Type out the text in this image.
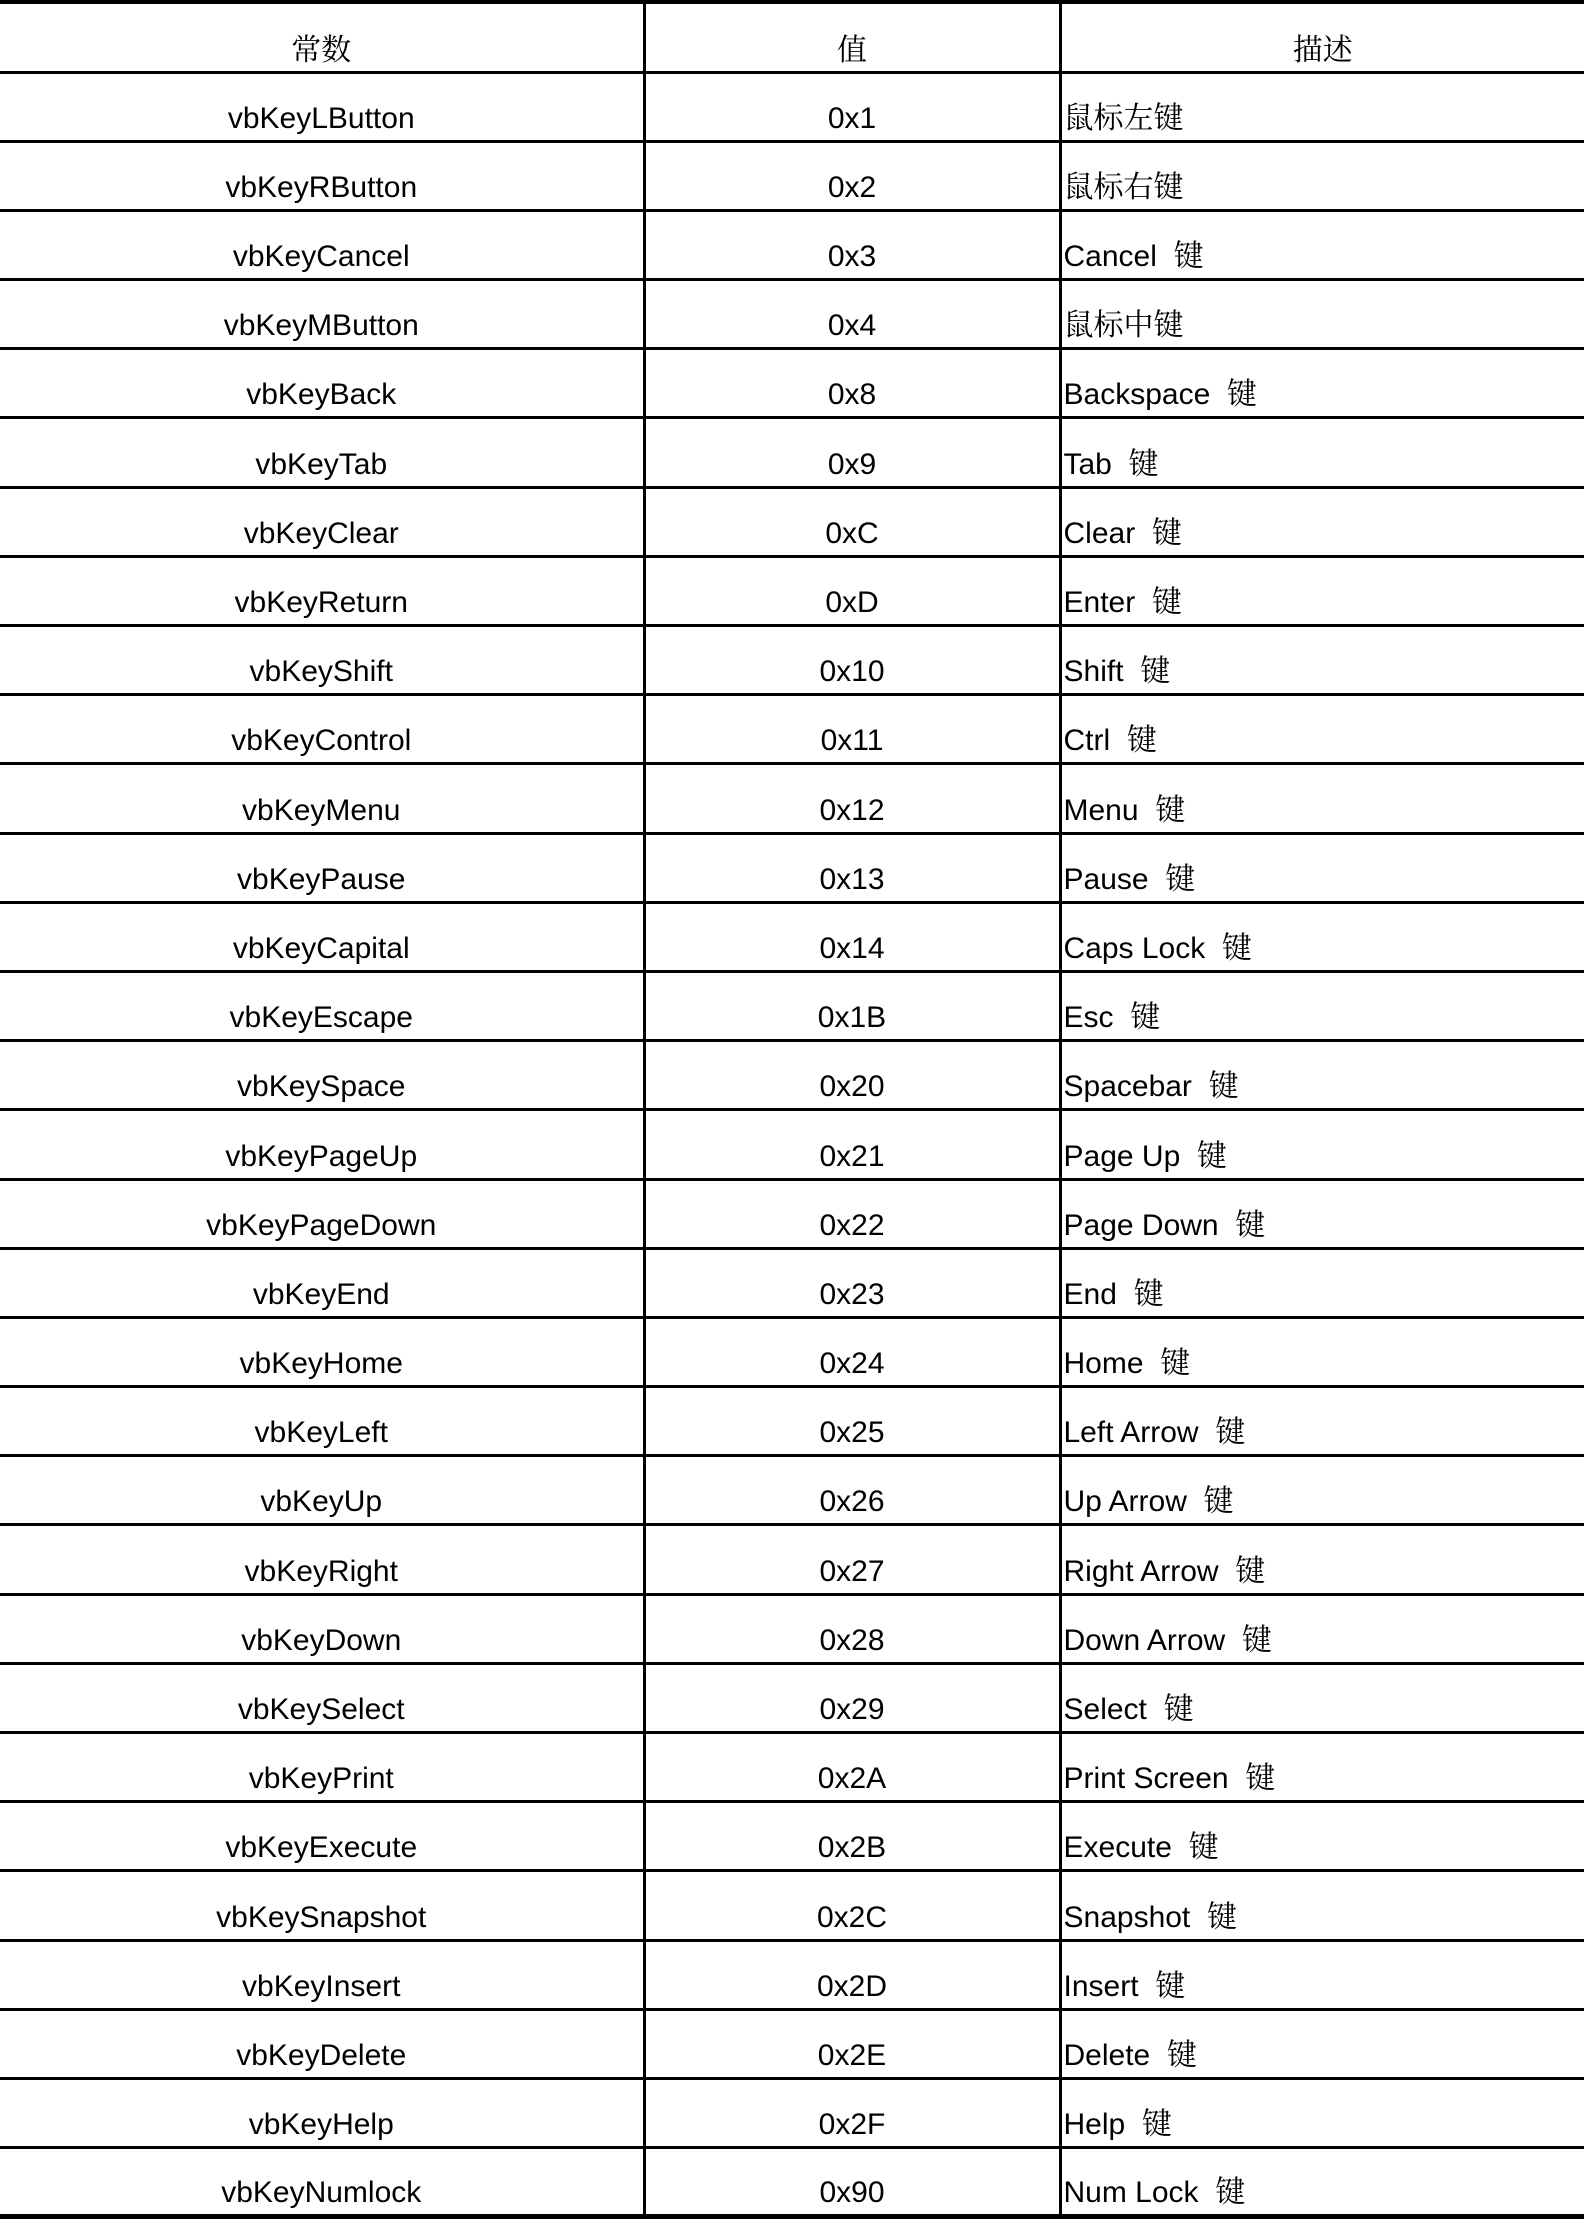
常数	值	描述
vbKeyLButton	0x1	鼠标左键
vbKeyRButton	0x2	鼠标右键
vbKeyCancel	0x3	Cancel 键
vbKeyMButton	0x4	鼠标中键
vbKeyBack	0x8	Backspace 键
vbKeyTab	0x9	Tab 键
vbKeyClear	0xC	Clear 键
vbKeyReturn	0xD	Enter 键
vbKeyShift	0x10	Shift 键
vbKeyControl	0x11	Ctrl 键
vbKeyMenu	0x12	Menu 键
vbKeyPause	0x13	Pause 键
vbKeyCapital	0x14	Caps Lock 键
vbKeyEscape	0x1B	Esc 键
vbKeySpace	0x20	Spacebar 键
vbKeyPageUp	0x21	Page Up 键
vbKeyPageDown	0x22	Page Down 键
vbKeyEnd	0x23	End 键
vbKeyHome	0x24	Home 键
vbKeyLeft	0x25	Left Arrow 键
vbKeyUp	0x26	Up Arrow 键
vbKeyRight	0x27	Right Arrow 键
vbKeyDown	0x28	Down Arrow 键
vbKeySelect	0x29	Select 键
vbKeyPrint	0x2A	Print Screen 键
vbKeyExecute	0x2B	Execute 键
vbKeySnapshot	0x2C	Snapshot 键
vbKeyInsert	0x2D	Insert 键
vbKeyDelete	0x2E	Delete 键
vbKeyHelp	0x2F	Help 键
vbKeyNumlock	0x90	Num Lock 键
